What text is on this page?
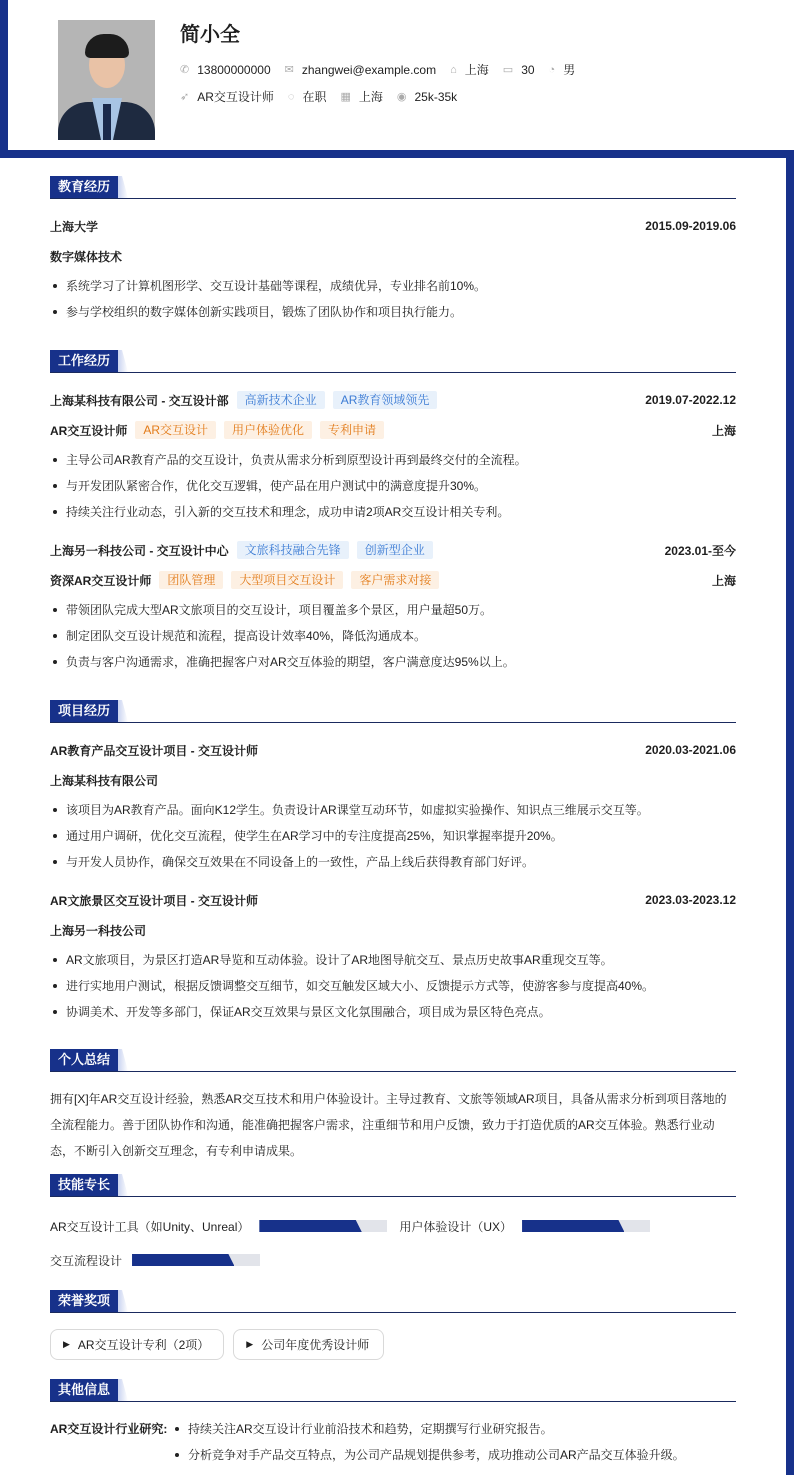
简小全
✆ 13800000000 ✉ zhangwei@example.com ⌂ 上海 ▭ 30 ◔ 男
➶ AR交互设计师 ◌ 在职 ▦ 上海 ◉ 25k-35k
教育经历
上海大学	2015.09-2019.06
数字媒体技术
系统学习了计算机图形学、交互设计基础等课程，成绩优异，专业排名前10%。
参与学校组织的数字媒体创新实践项目，锻炼了团队协作和项目执行能力。
工作经历
上海某科技有限公司 - 交互设计部	高新技术企业	AR教育领域领先	2019.07-2022.12
AR交互设计师	AR交互设计	用户体验优化	专利申请	上海
主导公司AR教育产品的交互设计，负责从需求分析到原型设计再到最终交付的全流程。
与开发团队紧密合作，优化交互逻辑，使产品在用户测试中的满意度提升30%。
持续关注行业动态，引入新的交互技术和理念，成功申请2项AR交互设计相关专利。
上海另一科技公司 - 交互设计中心	文旅科技融合先锋	创新型企业	2023.01-至今
资深AR交互设计师	团队管理	大型项目交互设计	客户需求对接	上海
带领团队完成大型AR文旅项目的交互设计，项目覆盖多个景区，用户量超50万。
制定团队交互设计规范和流程，提高设计效率40%，降低沟通成本。
负责与客户沟通需求，准确把握客户对AR交互体验的期望，客户满意度达95%以上。
项目经历
AR教育产品交互设计项目 - 交互设计师	2020.03-2021.06
上海某科技有限公司
该项目为AR教育产品。面向K12学生。负责设计AR课堂互动环节，如虚拟实验操作、知识点三维展示交互等。
通过用户调研，优化交互流程，使学生在AR学习中的专注度提高25%，知识掌握率提升20%。
与开发人员协作，确保交互效果在不同设备上的一致性，产品上线后获得教育部门好评。
AR文旅景区交互设计项目 - 交互设计师	2023.03-2023.12
上海另一科技公司
AR文旅项目，为景区打造AR导览和互动体验。设计了AR地图导航交互、景点历史故事AR重现交互等。
进行实地用户测试，根据反馈调整交互细节，如交互触发区域大小、反馈提示方式等，使游客参与度提高40%。
协调美术、开发等多部门，保证AR交互效果与景区文化氛围融合，项目成为景区特色亮点。
个人总结
拥有[X]年AR交互设计经验，熟悉AR交互技术和用户体验设计。主导过教育、文旅等领域AR项目，具备从需求分析到项目落地的全流程能力。善于团队协作和沟通，能准确把握客户需求，注重细节和用户反馈，致力于打造优质的AR交互体验。熟悉行业动态，不断引入创新交互理念，有专利申请成果。
技能专长
AR交互设计工具（如Unity、Unreal）	用户体验设计（UX）
交互流程设计
荣誉奖项
▶ AR交互设计专利（2项）	▶ 公司年度优秀设计师
其他信息
AR交互设计行业研究:	持续关注AR交互设计行业前沿技术和趋势，定期撰写行业研究报告。
分析竞争对手产品交互特点，为公司产品规划提供参考，成功推动公司AR产品交互体验升级。
